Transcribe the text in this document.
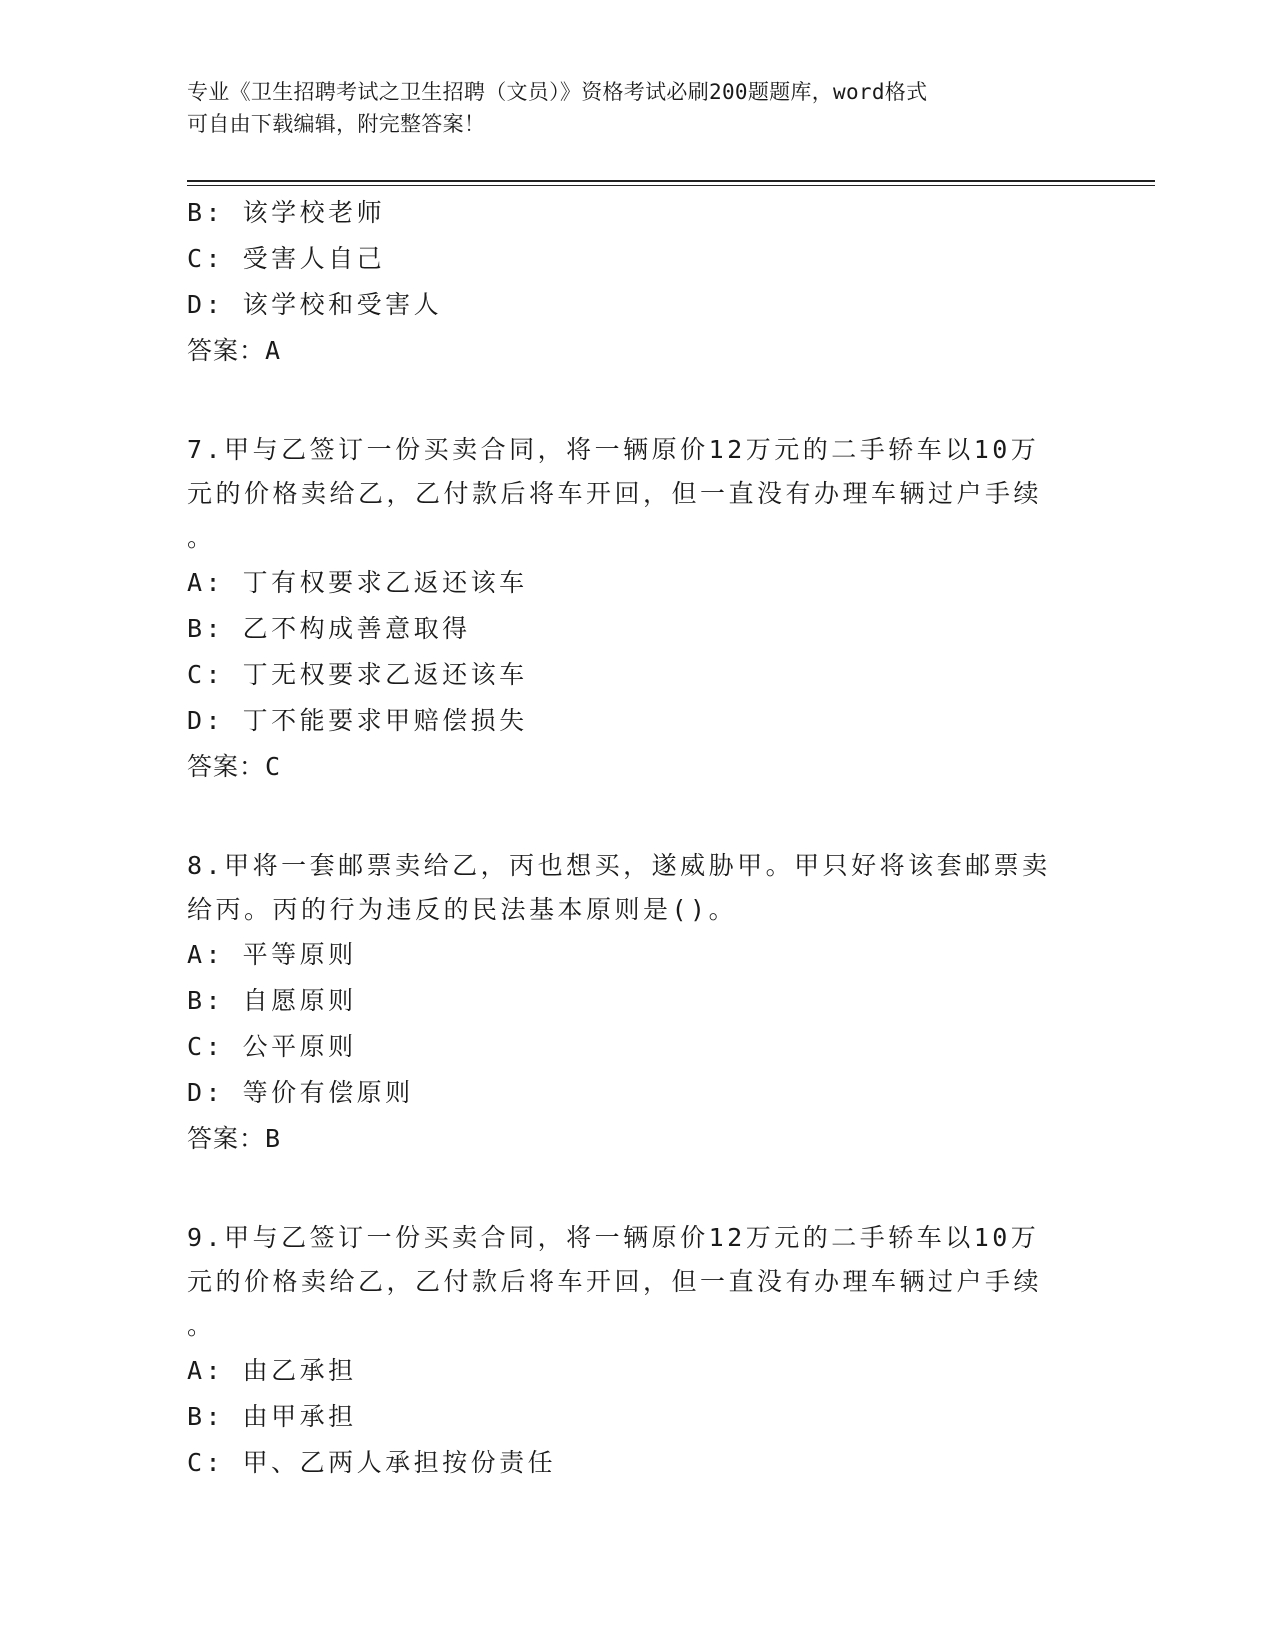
专业《卫生招聘考试之卫生招聘（文员）》资格考试必刷200题题库，word格式
可自由下载编辑，附完整答案！
B: 该学校老师
C: 受害人自己
D: 该学校和受害人
答案：A
7.甲与乙签订一份买卖合同，将一辆原价12万元的二手轿车以10万
元的价格卖给乙，乙付款后将车开回，但一直没有办理车辆过户手续
。
A: 丁有权要求乙返还该车
B: 乙不构成善意取得
C: 丁无权要求乙返还该车
D: 丁不能要求甲赔偿损失
答案：C
8.甲将一套邮票卖给乙，丙也想买，遂威胁甲。甲只好将该套邮票卖
给丙。丙的行为违反的民法基本原则是()。
A: 平等原则
B: 自愿原则
C: 公平原则
D: 等价有偿原则
答案：B
9.甲与乙签订一份买卖合同，将一辆原价12万元的二手轿车以10万
元的价格卖给乙，乙付款后将车开回，但一直没有办理车辆过户手续
。
A: 由乙承担
B: 由甲承担
C: 甲、乙两人承担按份责任
